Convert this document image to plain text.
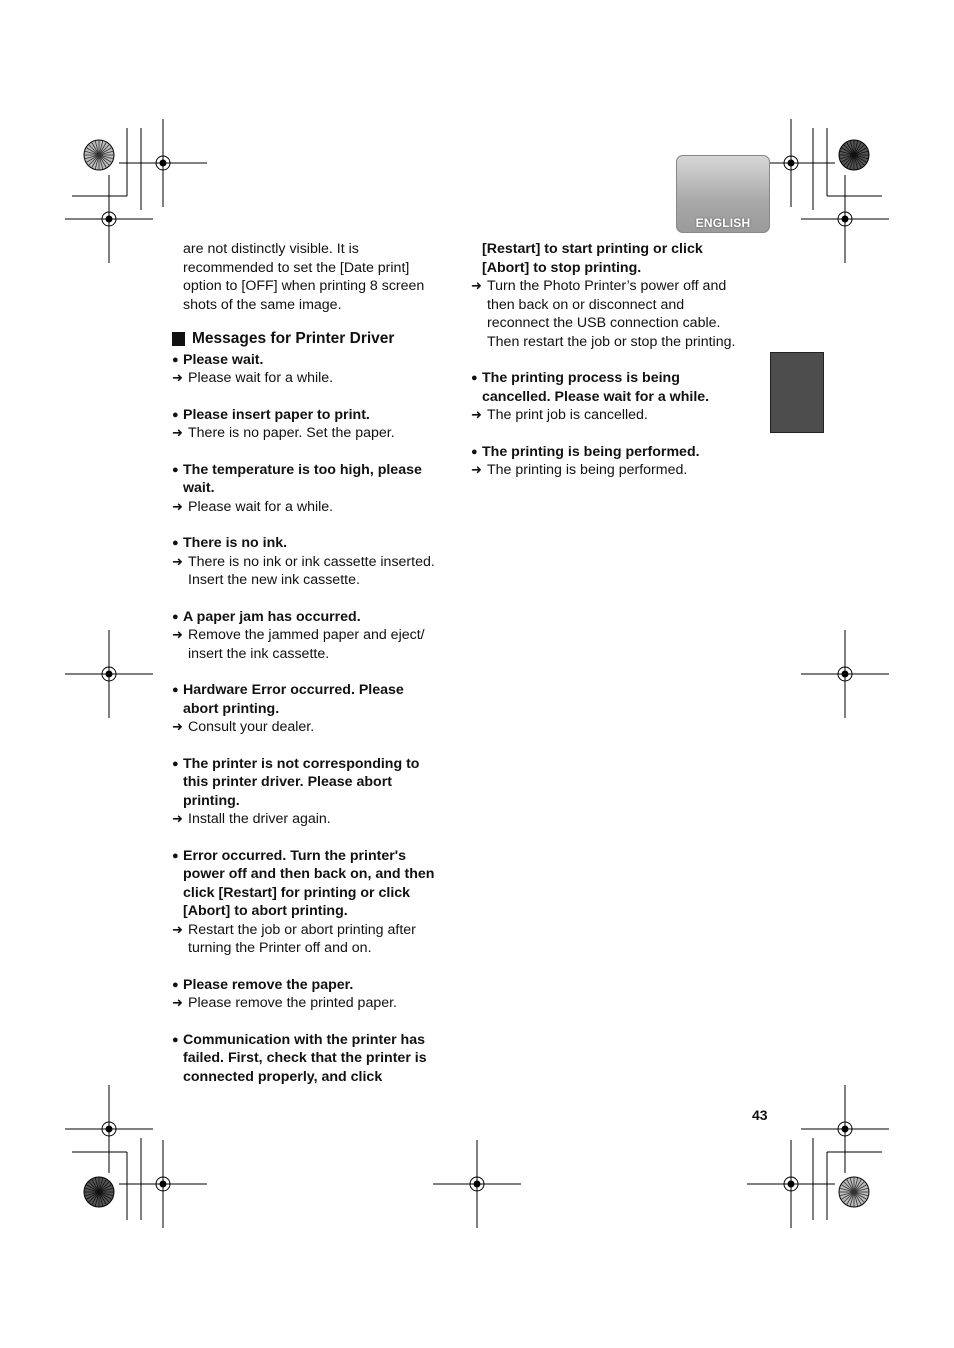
ENGLISH
are not distinctly visible. It is
recommended to set the [Date print]
option to [OFF] when printing 8 screen
shots of the same image.
Messages for Printer Driver
● Please wait.
➜ Please wait for a while.
● Please insert paper to print.
➜ There is no paper. Set the paper.
● The temperature is too high, please
wait.
➜ Please wait for a while.
● There is no ink.
➜ There is no ink or ink cassette inserted.
Insert the new ink cassette.
● A paper jam has occurred.
➜ Remove the jammed paper and eject/
insert the ink cassette.
● Hardware Error occurred. Please
abort printing.
➜ Consult your dealer.
● The printer is not corresponding to
this printer driver. Please abort
printing.
➜ Install the driver again.
● Error occurred. Turn the printer's
power off and then back on, and then
click [Restart] for printing or click
[Abort] to abort printing.
➜ Restart the job or abort printing after
turning the Printer off and on.
● Please remove the paper.
➜ Please remove the printed paper.
● Communication with the printer has
failed. First, check that the printer is
connected properly, and click
[Restart] to start printing or click
[Abort] to stop printing.
➜ Turn the Photo Printer’s power off and
then back on or disconnect and
reconnect the USB connection cable.
Then restart the job or stop the printing.
● The printing process is being
cancelled. Please wait for a while.
➜ The print job is cancelled.
● The printing is being performed.
➜ The printing is being performed.
43
